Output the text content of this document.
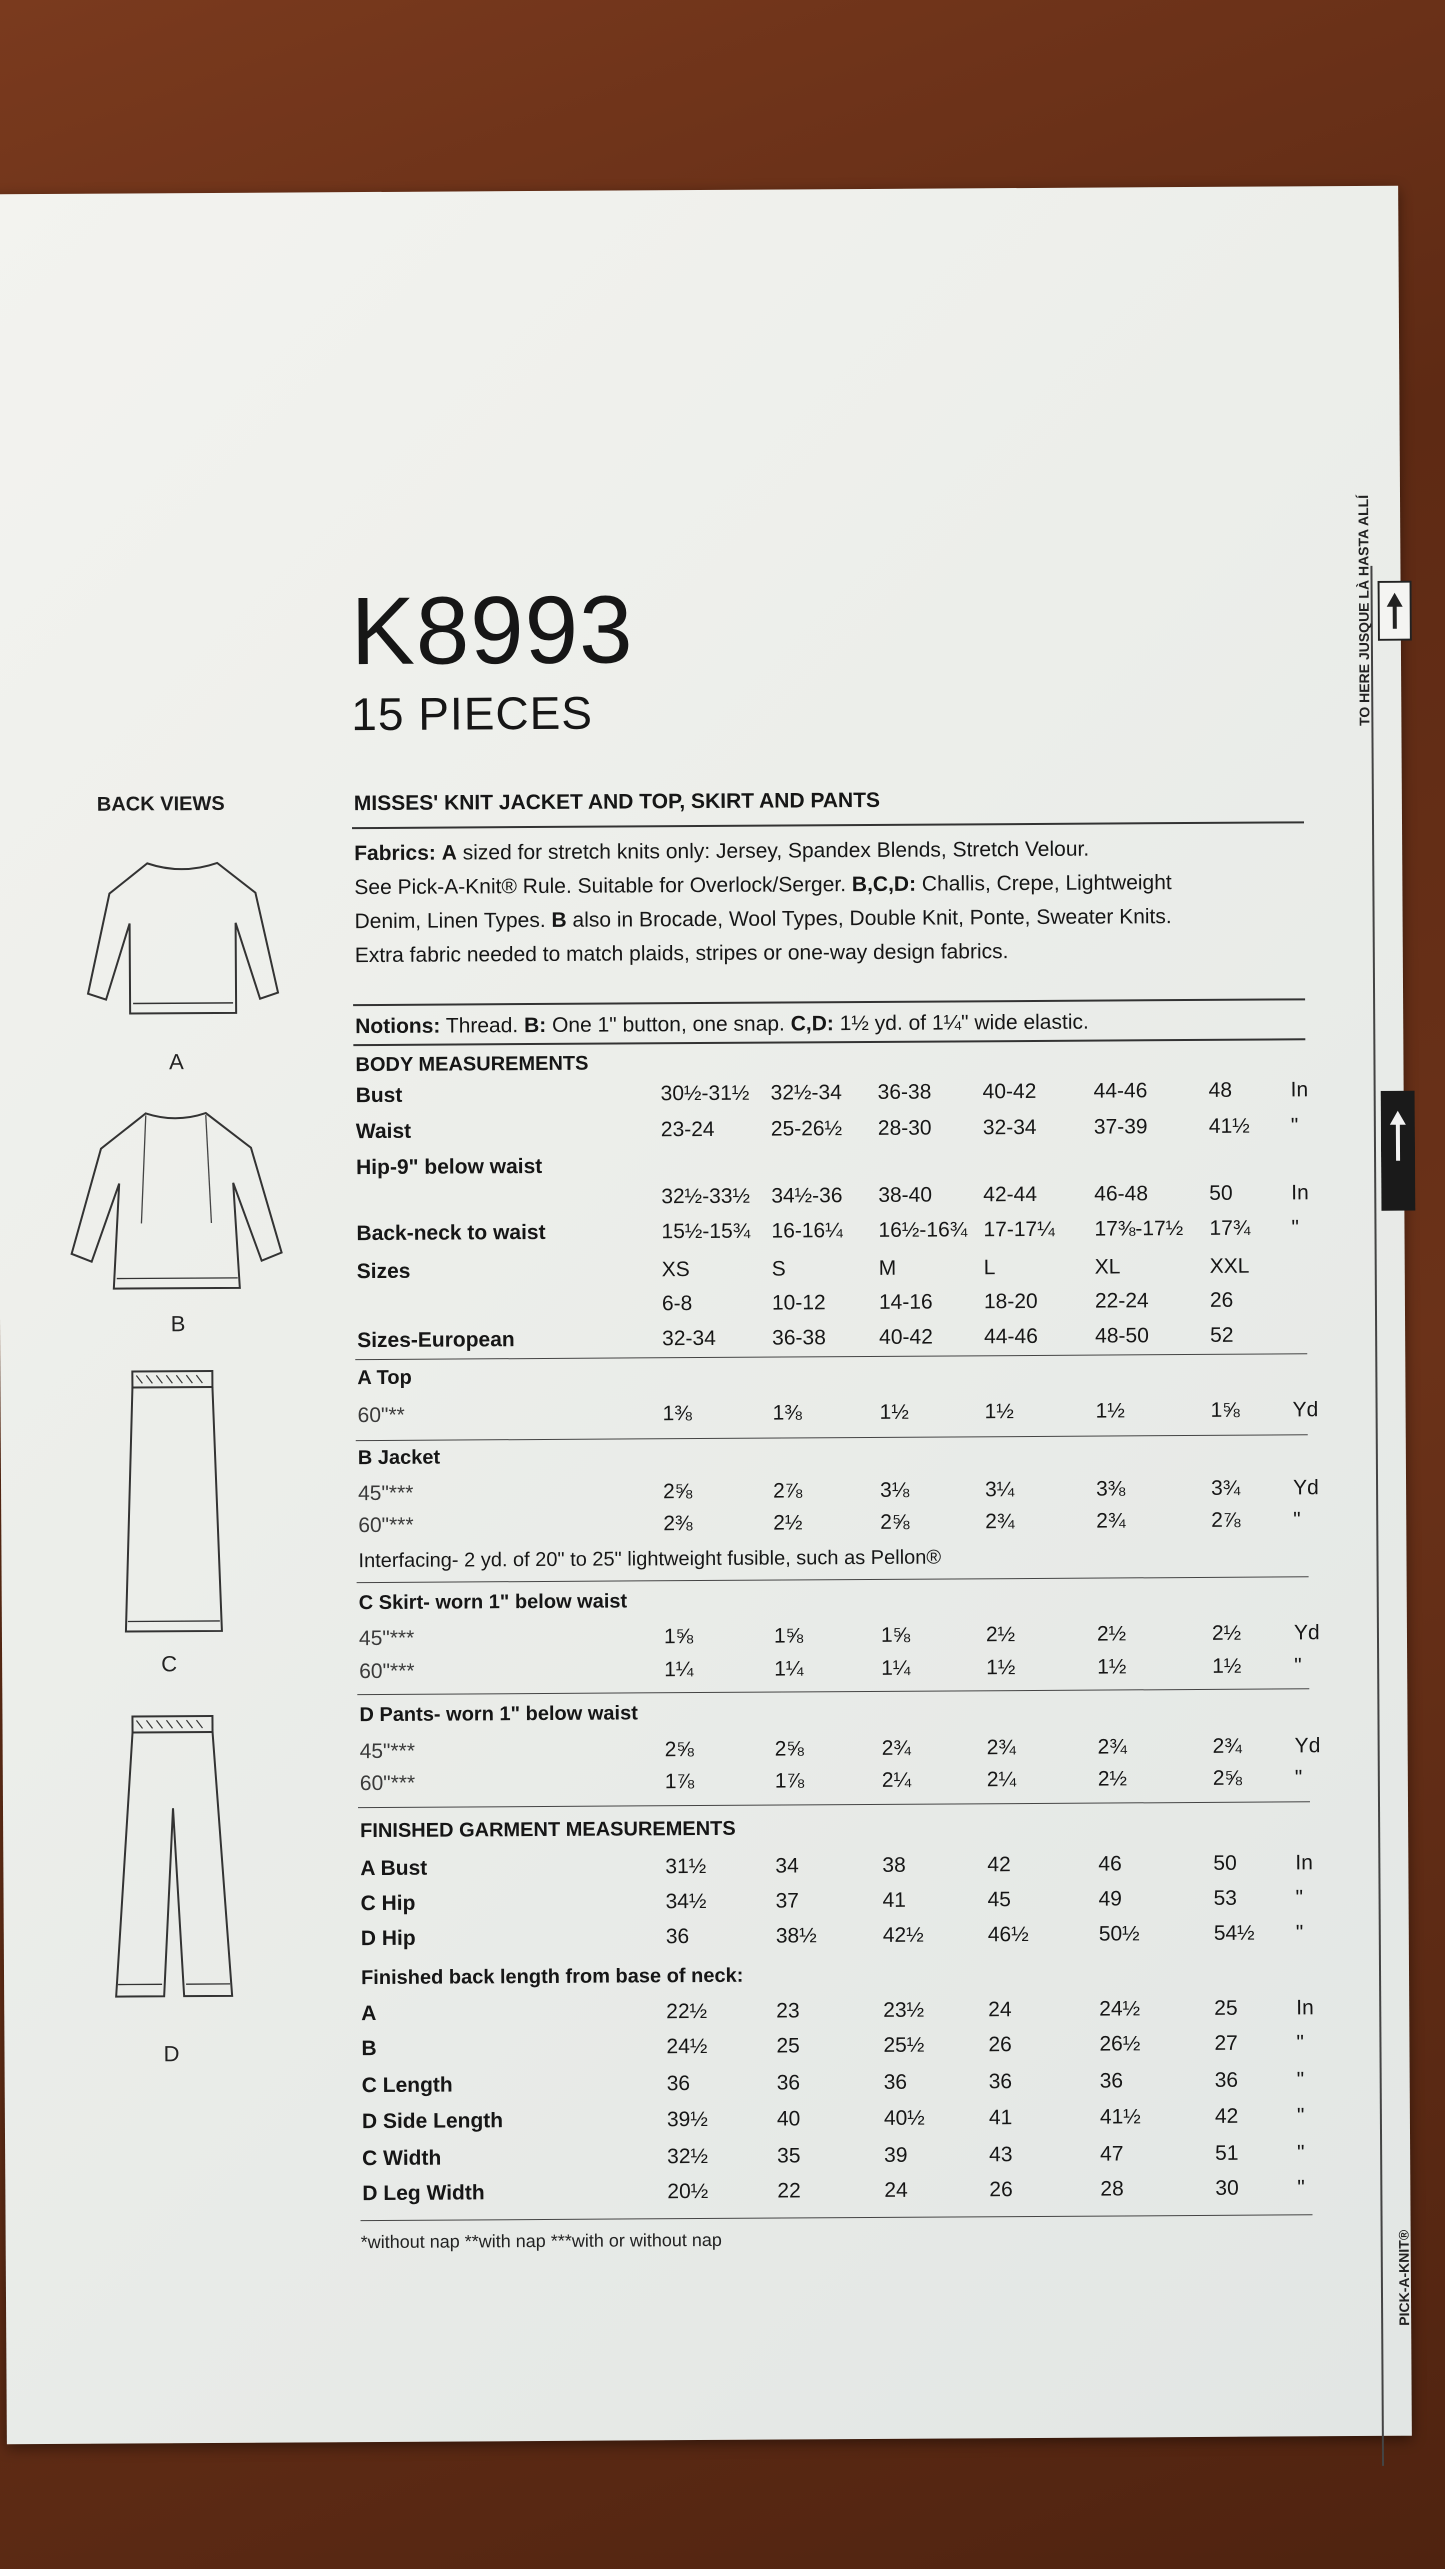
K8993
15 PIECES
BACK VIEWS
A
B
C
D
MISSES' KNIT JACKET AND TOP, SKIRT AND PANTS
Fabrics: A sized for stretch knits only: Jersey, Spandex Blends, Stretch Velour.
See Pick-A-Knit® Rule. Suitable for Overlock/Serger. B,C,D: Challis, Crepe, Lightweight
Denim, Linen Types. B also in Brocade, Wool Types, Double Knit, Ponte, Sweater Knits.
Extra fabric needed to match plaids, stripes or one-way design fabrics.
Notions: Thread. B: One 1" button, one snap. C,D: 1½ yd. of 1¼" wide elastic.
BODY MEASUREMENTS
Bust	30½-31½ 32½-34 36-38 40-42	44-46	48	In
Waist	23-24	25-26½ 28-30 32-34	37-39	41½ "
Hip-9" below waist
32½-33½ 34½-36 38-40 42-44	46-48	50	In
Back-neck to waist	15½-15¾ 16-16¼ 16½-16¾ 17-17¼ 17⅜-17½ 17¾ "
Sizes	XS	S	M	L	XL	XXL
6-8	10-12	14-16 18-20	22-24	26
Sizes-European	32-34	36-38	40-42 44-46	48-50	52
A Top
60"**	1⅜	1⅜	1½	1½	1½	1⅝	Yd
B Jacket
45"***	2⅝	2⅞	3⅛	3¼	3⅜	3¾	Yd
60"***	2⅜	2½	2⅝	2¾	2¾	2⅞	"
Interfacing- 2 yd. of 20" to 25" lightweight fusible, such as Pellon®
C Skirt- worn 1" below waist
45"***	1⅝	1⅝	1⅝	2½	2½	2½	Yd
60"***	1¼	1¼	1¼	1½	1½	1½	"
D Pants- worn 1" below waist
45"***	2⅝	2⅝	2¾	2¾	2¾	2¾	Yd
60"***	1⅞	1⅞	2¼	2¼	2½	2⅝	"
FINISHED GARMENT MEASUREMENTS
A Bust	31½	34	38	42	46	50	In
C Hip	34½	37	41	45	49	53	"
D Hip	36	38½	42½	46½	50½	54½ "
Finished back length from base of neck:
A	22½	23	23½	24	24½	25	In
B	24½	25	25½	26	26½	27	"
C Length	36	36	36	36	36	36	"
D Side Length	39½	40	40½	41	41½	42	"
C Width	32½	35	39	43	47	51	"
D Leg Width	20½	22	24	26	28	30	"
*without nap **with nap ***with or without nap
TO HERE JUSQUE LÀ HASTA ALLÍ
PICK-A-KNIT®
